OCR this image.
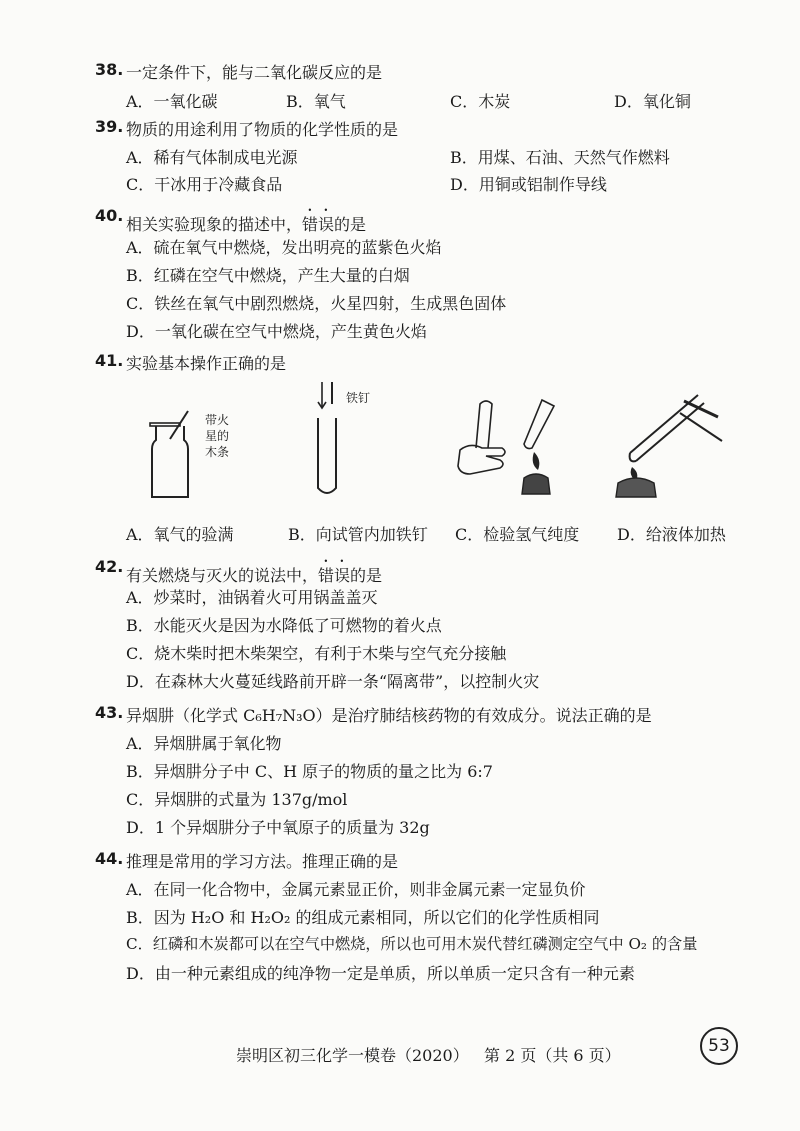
38. 一定条件下，能与二氧化碳反应的是
A．一氧化碳	B．氧气	C．木炭	D．氧化铜
39. 物质的用途利用了物质的化学性质的是
A．稀有气体制成电光源	B．用煤、石油、天然气作燃料
C．干冰用于冷藏食品	D．用铜或铝制作导线
40. 相关实验现象的描述中，错误的是
A．硫在氧气中燃烧，发出明亮的蓝紫色火焰
B．红磷在空气中燃烧，产生大量的白烟
C．铁丝在氧气中剧烈燃烧，火星四射，生成黑色固体
D．一氧化碳在空气中燃烧，产生黄色火焰
41. 实验基本操作正确的是
带火星的木条
铁钉
A．氧气的验满	B．向试管内加铁钉 C．检验氢气纯度 D．给液体加热
42. 有关燃烧与灭火的说法中，错误的是
A．炒菜时，油锅着火可用锅盖盖灭
B．水能灭火是因为水降低了可燃物的着火点
C．烧木柴时把木柴架空，有利于木柴与空气充分接触
D．在森林大火蔓延线路前开辟一条“隔离带”，以控制火灾
43. 异烟肼（化学式 C₆H₇N₃O）是治疗肺结核药物的有效成分。说法正确的是
A．异烟肼属于氧化物
B．异烟肼分子中 C、H 原子的物质的量之比为 6:7
C．异烟肼的式量为 137g/mol
D．1 个异烟肼分子中氧原子的质量为 32g
44. 推理是常用的学习方法。推理正确的是
A．在同一化合物中，金属元素显正价，则非金属元素一定显负价
B．因为 H₂O 和 H₂O₂ 的组成元素相同，所以它们的化学性质相同
C．红磷和木炭都可以在空气中燃烧，所以也可用木炭代替红磷测定空气中 O₂ 的含量
D．由一种元素组成的纯净物一定是单质，所以单质一定只含有一种元素
崇明区初三化学一模卷（2020）   第 2 页（共 6 页）	53
